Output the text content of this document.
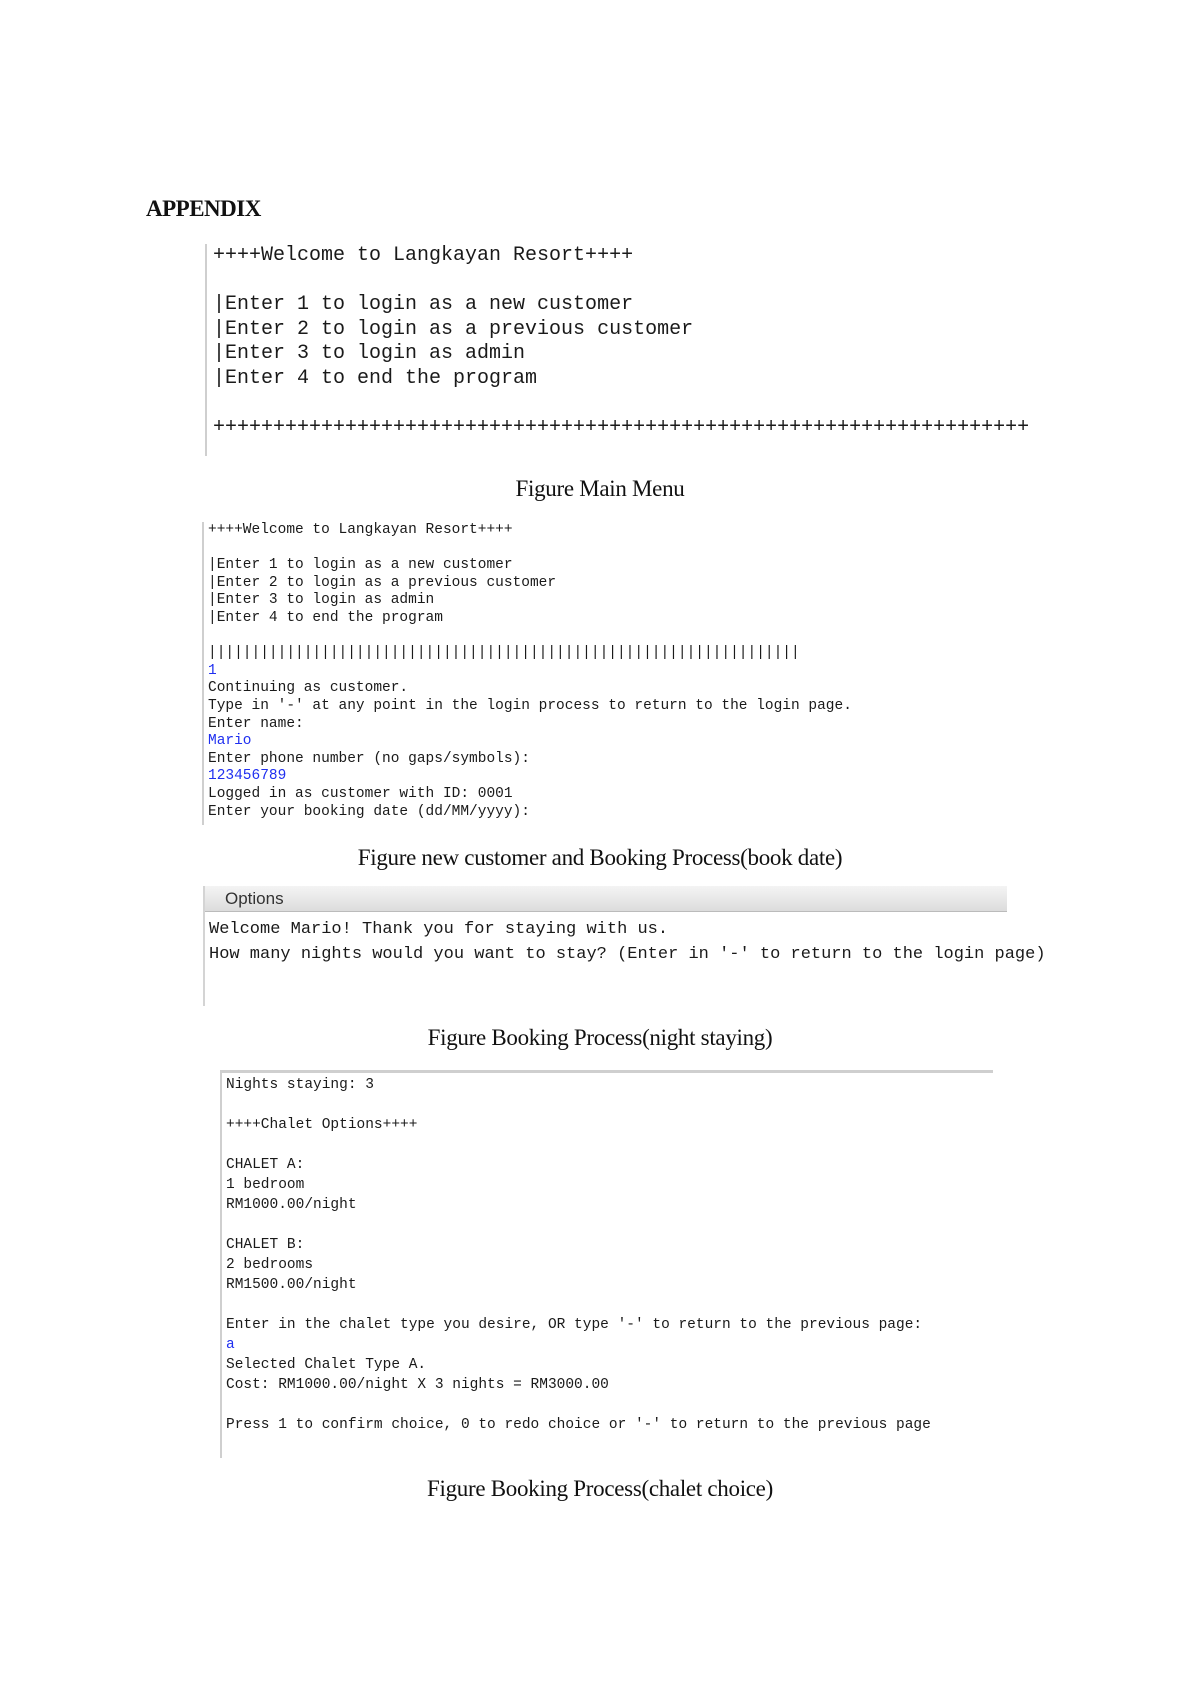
APPENDIX
++++Welcome to Langkayan Resort++++

|Enter 1 to login as a new customer
|Enter 2 to login as a previous customer
|Enter 3 to login as admin
|Enter 4 to end the program

++++++++++++++++++++++++++++++++++++++++++++++++++++++++++++++++++++
Figure Main Menu
++++Welcome to Langkayan Resort++++

|Enter 1 to login as a new customer
|Enter 2 to login as a previous customer
|Enter 3 to login as admin
|Enter 4 to end the program

||||||||||||||||||||||||||||||||||||||||||||||||||||||||||||||||||||
1
Continuing as customer.
Type in '-' at any point in the login process to return to the login page.
Enter name:
Mario
Enter phone number (no gaps/symbols):
123456789
Logged in as customer with ID: 0001
Enter your booking date (dd/MM/yyyy):
Figure new customer and Booking Process(book date)
Options
Welcome Mario! Thank you for staying with us.
How many nights would you want to stay? (Enter in '-' to return to the login page)
Figure Booking Process(night staying)
Nights staying: 3

++++Chalet Options++++

CHALET A:
1 bedroom
RM1000.00/night

CHALET B:
2 bedrooms
RM1500.00/night

Enter in the chalet type you desire, OR type '-' to return to the previous page:
a
Selected Chalet Type A.
Cost: RM1000.00/night X 3 nights = RM3000.00

Press 1 to confirm choice, 0 to redo choice or '-' to return to the previous page
Figure Booking Process(chalet choice)
